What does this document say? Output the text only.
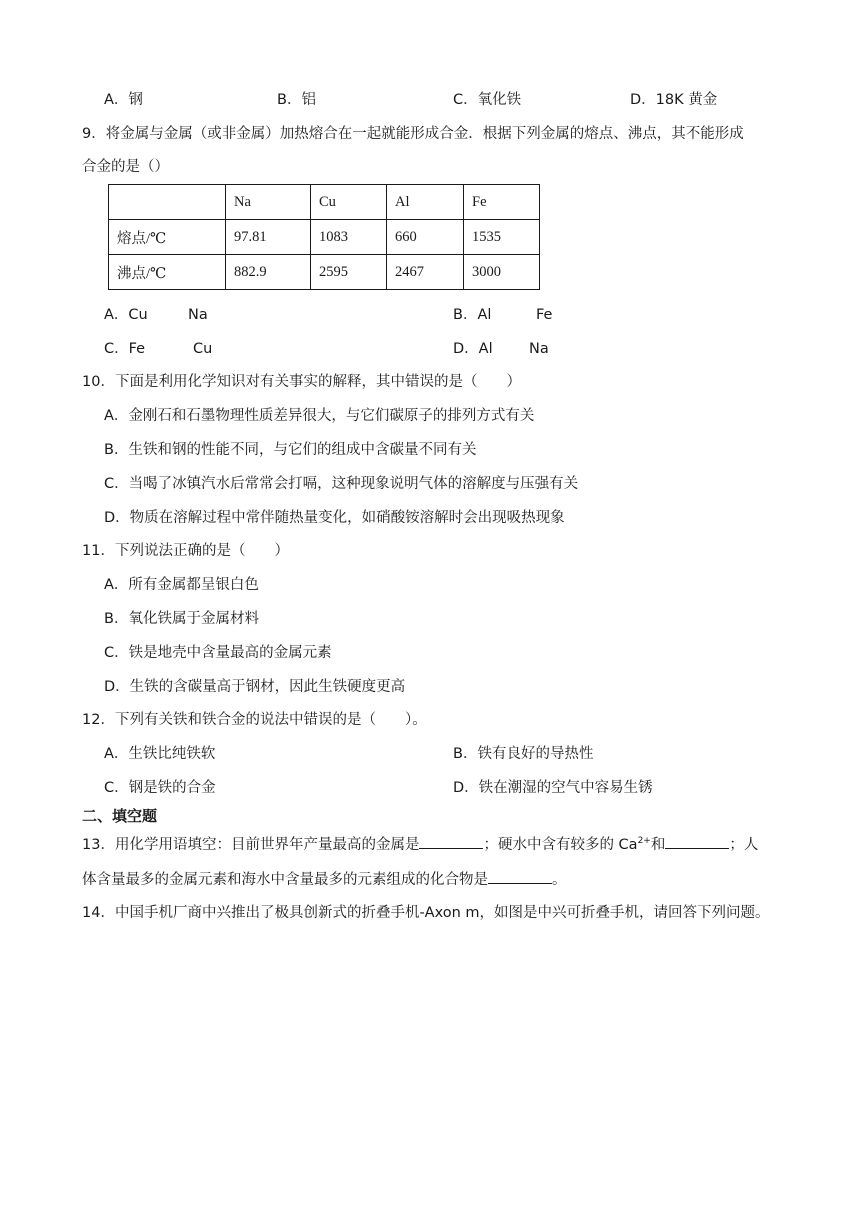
A．钢	B．铝	C．氧化铁	D．18K 黄金
9．将金属与金属（或非金属）加热熔合在一起就能形成合金．根据下列金属的熔点、沸点，其不能形成
合金的是（）
	Na	Cu	Al	Fe
熔点/℃	97.81	1083	660	1535
沸点/℃	882.9	2595	2467	3000
A．Cu	Na	B．Al	Fe
C．Fe	Cu	D．Al	Na
10．下面是利用化学知识对有关事实的解释，其中错误的是（　　）
A．金刚石和石墨物理性质差异很大，与它们碳原子的排列方式有关
B．生铁和钢的性能不同，与它们的组成中含碳量不同有关
C．当喝了冰镇汽水后常常会打嗝，这种现象说明气体的溶解度与压强有关
D．物质在溶解过程中常伴随热量变化，如硝酸铵溶解时会出现吸热现象
11．下列说法正确的是（　　）
A．所有金属都呈银白色
B．氧化铁属于金属材料
C．铁是地壳中含量最高的金属元素
D．生铁的含碳量高于钢材，因此生铁硬度更高
12．下列有关铁和铁合金的说法中错误的是（　　）。
A．生铁比纯铁软	B．铁有良好的导热性
C．钢是铁的合金	D．铁在潮湿的空气中容易生锈
二、填空题
13．用化学用语填空：目前世界年产量最高的金属是	；硬水中含有较多的 $Ca^{2+}$和	；人
体含量最多的金属元素和海水中含量最多的元素组成的化合物是	。
14．中国手机厂商中兴推出了极具创新式的折叠手机-Axon m，如图是中兴可折叠手机，请回答下列问题。
